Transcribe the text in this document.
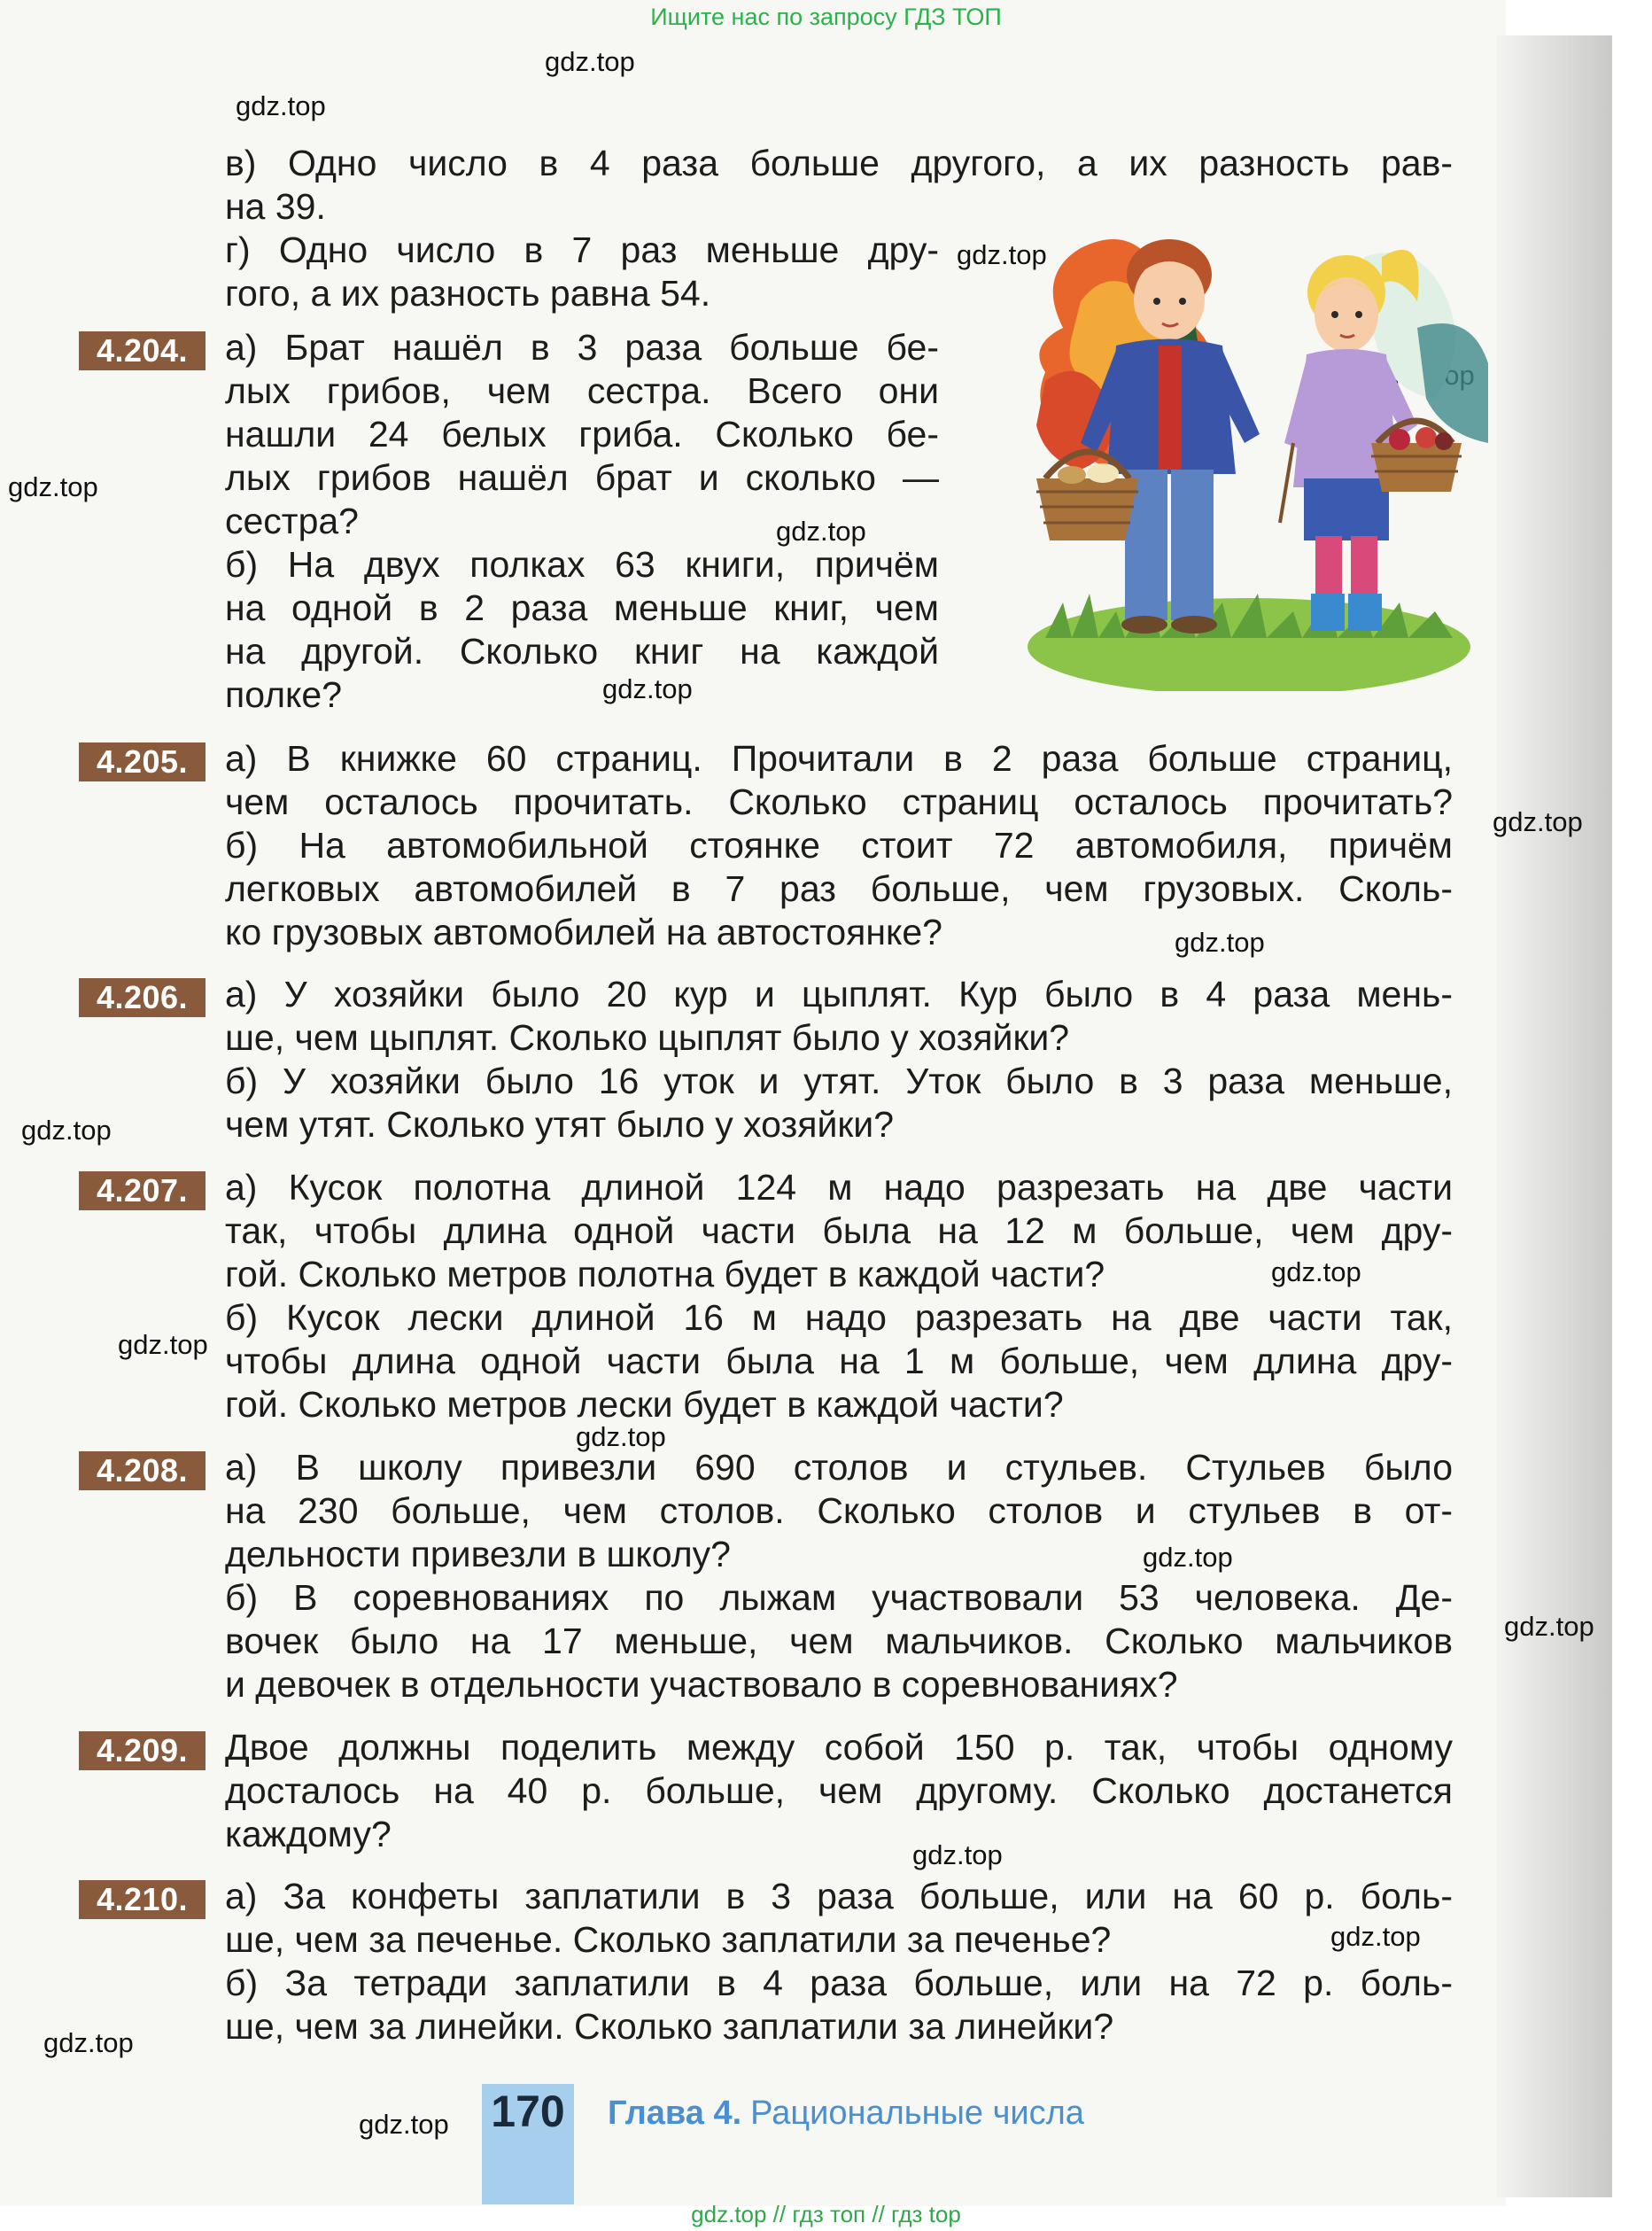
Ищите нас по запросу ГДЗ ТОП
gdz.top
gdz.top
gdz.top
gdz.top
gdz.top
gdz.top
gdz.top
gdz.top
gdz.top
gdz.top
gdz.top
gdz.top
gdz.top
gdz.top
gdz.top
gdz.top
gdz.top
gdz.top
в) Одно число в 4 раза больше другого, а их разность рав-
на 39.
г) Одно число в 7 раз меньше дру-
гого, а их разность равна 54.
4.204.	а) Брат нашёл в 3 раза больше бе-
лых грибов, чем сестра. Всего они
нашли 24 белых гриба. Сколько бе-
лых грибов нашёл брат и сколько —
сестра?
б) На двух полках 63 книги, причём
на одной в 2 раза меньше книг, чем
на другой. Сколько книг на каждой
полке?
4.205.	а) В книжке 60 страниц. Прочитали в 2 раза больше страниц,
чем осталось прочитать. Сколько страниц осталось прочитать?
б) На автомобильной стоянке стоит 72 автомобиля, причём
легковых автомобилей в 7 раз больше, чем грузовых. Сколь-
ко грузовых автомобилей на автостоянке?
4.206.	а) У хозяйки было 20 кур и цыплят. Кур было в 4 раза мень-
ше, чем цыплят. Сколько цыплят было у хозяйки?
б) У хозяйки было 16 уток и утят. Уток было в 3 раза меньше,
чем утят. Сколько утят было у хозяйки?
4.207.	а) Кусок полотна длиной 124 м надо разрезать на две части
так, чтобы длина одной части была на 12 м больше, чем дру-
гой. Сколько метров полотна будет в каждой части?
б) Кусок лески длиной 16 м надо разрезать на две части так,
чтобы длина одной части была на 1 м больше, чем длина дру-
гой. Сколько метров лески будет в каждой части?
4.208.	а) В школу привезли 690 столов и стульев. Стульев было
на 230 больше, чем столов. Сколько столов и стульев в от-
дельности привезли в школу?
б) В соревнованиях по лыжам участвовали 53 человека. Де-
вочек было на 17 меньше, чем мальчиков. Сколько мальчиков
и девочек в отдельности участвовало в соревнованиях?
4.209.	Двое должны поделить между собой 150 р. так, чтобы одному
досталось на 40 р. больше, чем другому. Сколько достанется
каждому?
4.210.	а) За конфеты заплатили в 3 раза больше, или на 60 р. боль-
ше, чем за печенье. Сколько заплатили за печенье?
б) За тетради заплатили в 4 раза больше, или на 72 р. боль-
ше, чем за линейки. Сколько заплатили за линейки?
170 Глава 4. Рациональные числа
gdz.top // гдз топ // гдз top
